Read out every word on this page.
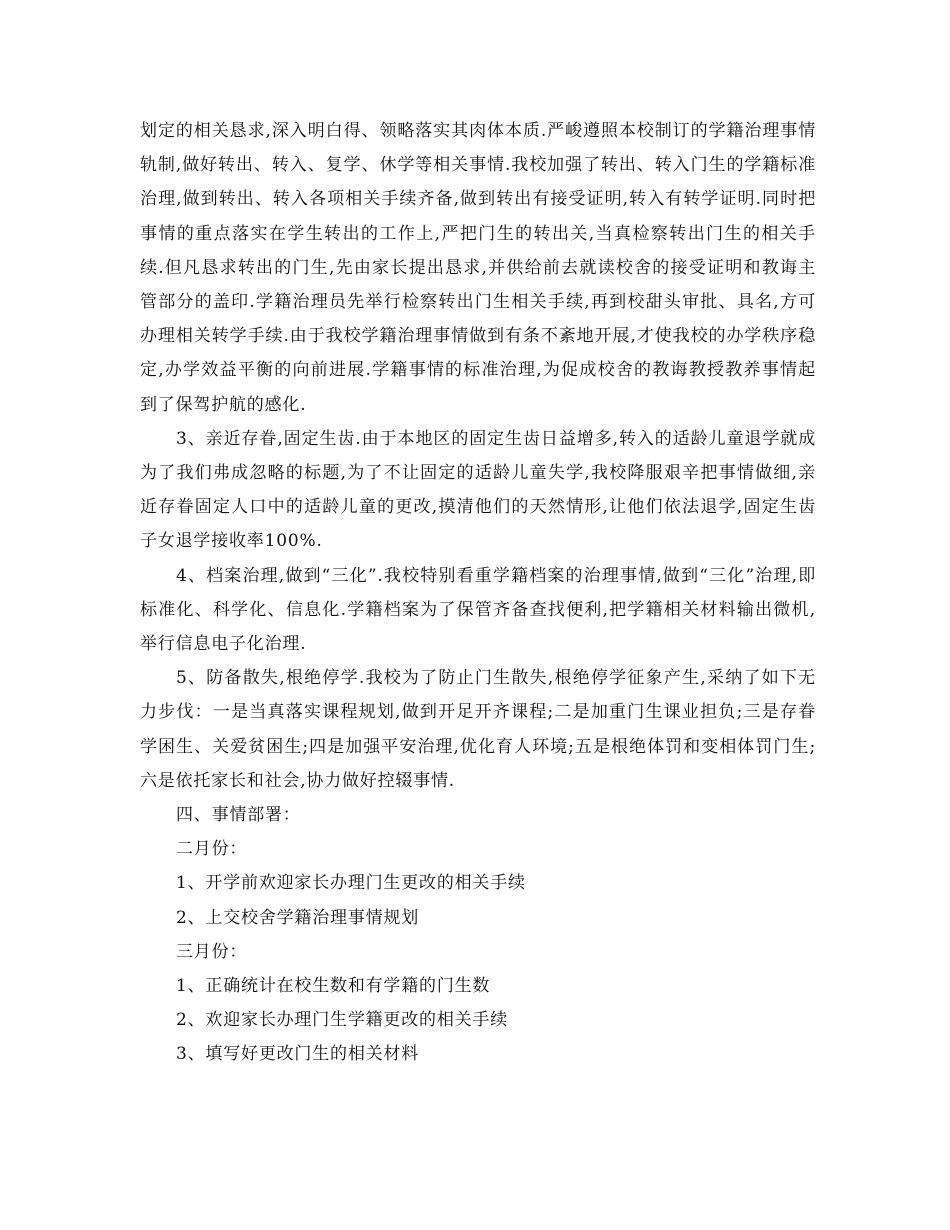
划定的相关恳求,深入明白得、领略落实其肉体本质.严峻遵照本校制订的学籍治理事情轨制,做好转出、转入、复学、休学等相关事情.我校加强了转出、转入门生的学籍标准治理,做到转出、转入各项相关手续齐备,做到转出有接受证明,转入有转学证明.同时把事情的重点落实在学生转出的工作上,严把门生的转出关,当真检察转出门生的相关手续.但凡恳求转出的门生,先由家长提出恳求,并供给前去就读校舍的接受证明和教诲主管部分的盖印.学籍治理员先举行检察转出门生相关手续,再到校甜头审批、具名,方可办理相关转学手续.由于我校学籍治理事情做到有条不紊地开展,才使我校的办学秩序稳定,办学效益平衡的向前进展.学籍事情的标准治理,为促成校舍的教诲教授教养事情起到了保驾护航的感化.

3、亲近存眷,固定生齿.由于本地区的固定生齿日益增多,转入的适龄儿童退学就成为了我们弗成忽略的标题,为了不让固定的适龄儿童失学,我校降服艰辛把事情做细,亲近存眷固定人口中的适龄儿童的更改,摸清他们的天然情形,让他们依法退学,固定生齿子女退学接收率100%.

4、档案治理,做到“三化”.我校特别看重学籍档案的治理事情,做到“三化”治理,即标准化、科学化、信息化.学籍档案为了保管齐备查找便利,把学籍相关材料输出微机,举行信息电子化治理.

5、防备散失,根绝停学.我校为了防止门生散失,根绝停学征象产生,采纳了如下无力步伐：一是当真落实课程规划,做到开足开齐课程;二是加重门生课业担负;三是存眷学困生、关爱贫困生;四是加强平安治理,优化育人环境;五是根绝体罚和变相体罚门生;六是依托家长和社会,协力做好控辍事情.

四、事情部署：

二月份：

1、开学前欢迎家长办理门生更改的相关手续

2、上交校舍学籍治理事情规划

三月份：

1、正确统计在校生数和有学籍的门生数

2、欢迎家长办理门生学籍更改的相关手续

3、填写好更改门生的相关材料
